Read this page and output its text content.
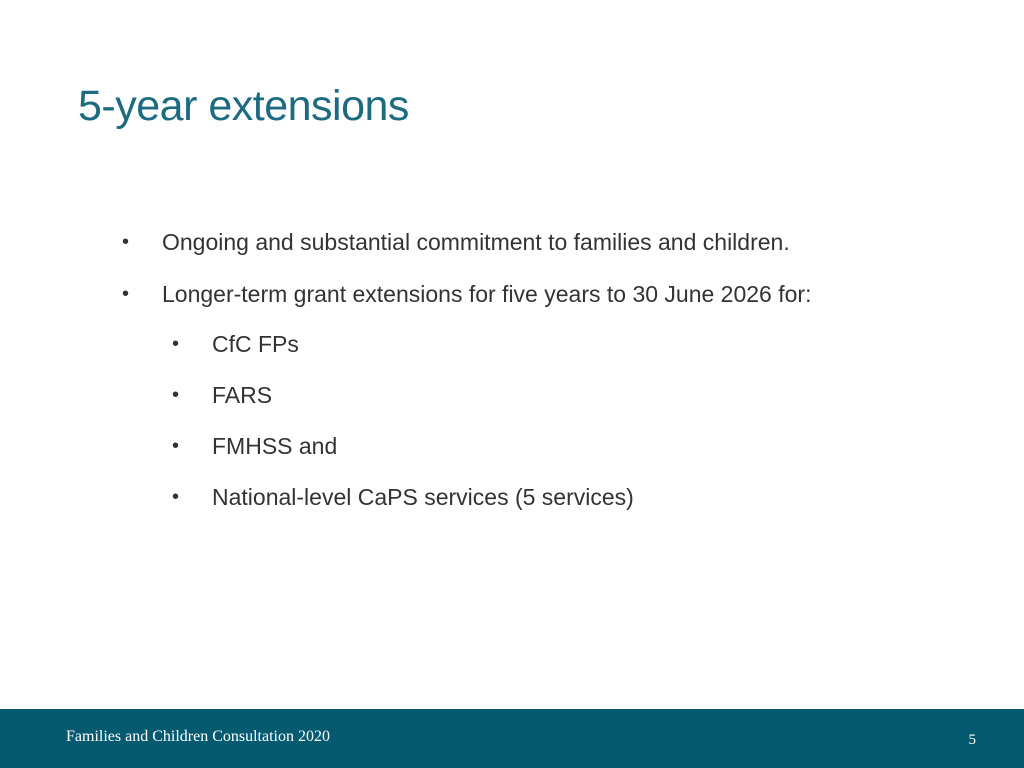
5-year extensions
• Ongoing and substantial commitment to families and children.
• Longer-term grant extensions for five years to 30 June 2026 for:
• CfC FPs
• FARS
• FMHSS and
• National-level CaPS services (5 services)
Families and Children Consultation 2020	5
